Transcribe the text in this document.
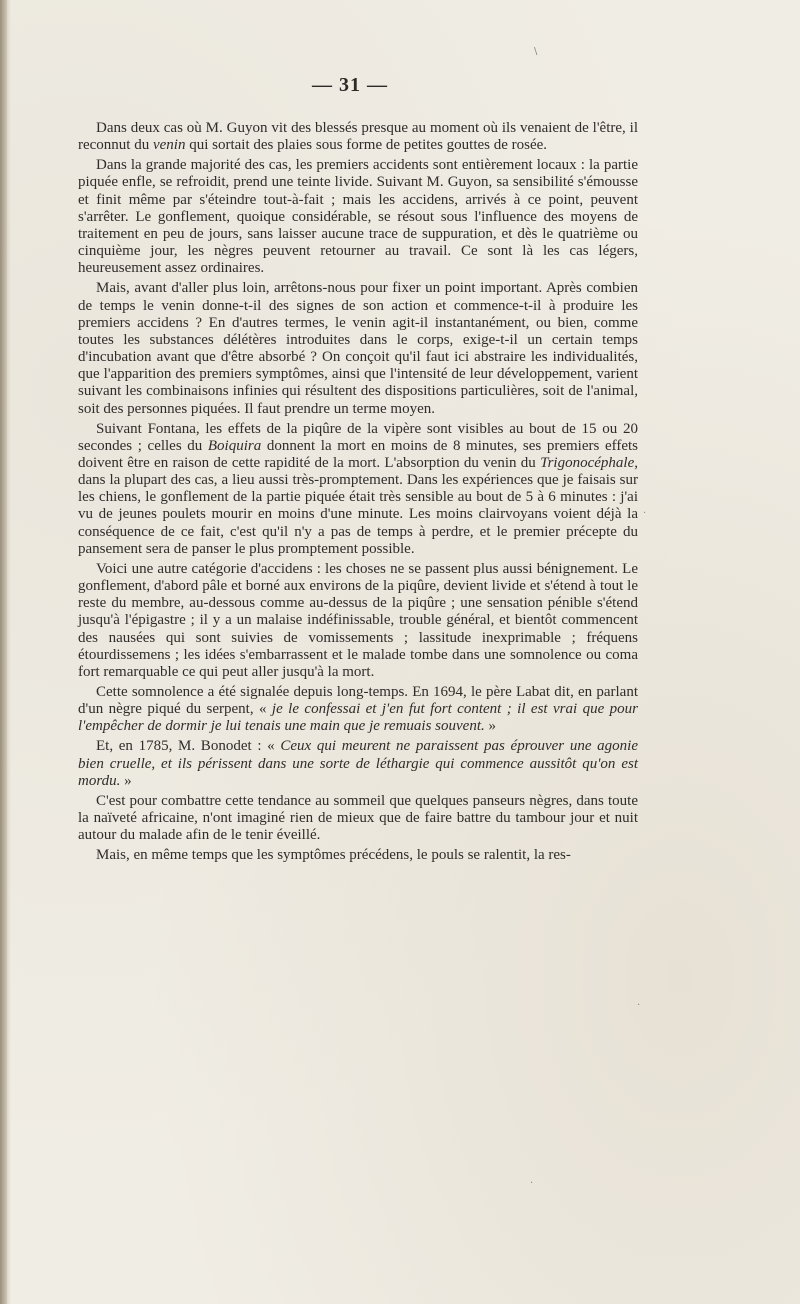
— 31 —

Dans deux cas où M. Guyon vit des blessés presque au moment où ils venaient de l'être, il reconnut du venin qui sortait des plaies sous forme de petites gouttes de rosée.

Dans la grande majorité des cas, les premiers accidents sont entièrement locaux : la partie piquée enfle, se refroidit, prend une teinte livide. Suivant M. Guyon, sa sensibilité s'émousse et finit même par s'éteindre tout-à-fait ; mais les accidens, arrivés à ce point, peuvent s'arrêter. Le gonflement, quoique considérable, se résout sous l'influence des moyens de traitement en peu de jours, sans laisser aucune trace de suppuration, et dès le quatrième ou cinquième jour, les nègres peuvent retourner au travail. Ce sont là les cas légers, heureusement assez ordinaires.

Mais, avant d'aller plus loin, arrêtons-nous pour fixer un point important. Après combien de temps le venin donne-t-il des signes de son action et commence-t-il à produire les premiers accidens ? En d'autres termes, le venin agit-il instantanément, ou bien, comme toutes les substances délétères introduites dans le corps, exige-t-il un certain temps d'incubation avant que d'être absorbé ? On conçoit qu'il faut ici abstraire les individualités, que l'apparition des premiers symptômes, ainsi que l'intensité de leur développement, varient suivant les combinaisons infinies qui résultent des dispositions particulières, soit de l'animal, soit des personnes piquées. Il faut prendre un terme moyen.

Suivant Fontana, les effets de la piqûre de la vipère sont visibles au bout de 15 ou 20 secondes ; celles du Boiquira donnent la mort en moins de 8 minutes, ses premiers effets doivent être en raison de cette rapidité de la mort. L'absorption du venin du Trigonocéphale, dans la plupart des cas, a lieu aussi très-promptement. Dans les expériences que je faisais sur les chiens, le gonflement de la partie piquée était très sensible au bout de 5 à 6 minutes : j'ai vu de jeunes poulets mourir en moins d'une minute. Les moins clairvoyans voient déjà la conséquence de ce fait, c'est qu'il n'y a pas de temps à perdre, et le premier précepte du pansement sera de panser le plus promptement possible.

Voici une autre catégorie d'accidens : les choses ne se passent plus aussi bénignement. Le gonflement, d'abord pâle et borné aux environs de la piqûre, devient livide et s'étend à tout le reste du membre, au-dessous comme au-dessus de la piqûre ; une sensation pénible s'étend jusqu'à l'épigastre ; il y a un malaise indéfinissable, trouble général, et bientôt commencent des nausées qui sont suivies de vomissements ; lassitude inexprimable ; fréquens étourdissemens ; les idées s'embarrassent et le malade tombe dans une somnolence ou coma fort remarquable ce qui peut aller jusqu'à la mort.

Cette somnolence a été signalée depuis long-temps. En 1694, le père Labat dit, en parlant d'un nègre piqué du serpent, « je le confessai et j'en fut fort content ; il est vrai que pour l'empêcher de dormir je lui tenais une main que je remuais souvent. »

Et, en 1785, M. Bonodet : « Ceux qui meurent ne paraissent pas éprouver une agonie bien cruelle, et ils périssent dans une sorte de léthargie qui commence aussitôt qu'on est mordu. »

C'est pour combattre cette tendance au sommeil que quelques panseurs nègres, dans toute la naïveté africaine, n'ont imaginé rien de mieux que de faire battre du tambour jour et nuit autour du malade afin de le tenir éveillé.

Mais, en même temps que les symptômes précédens, le pouls se ralentit, la res-

\
·
·
·
